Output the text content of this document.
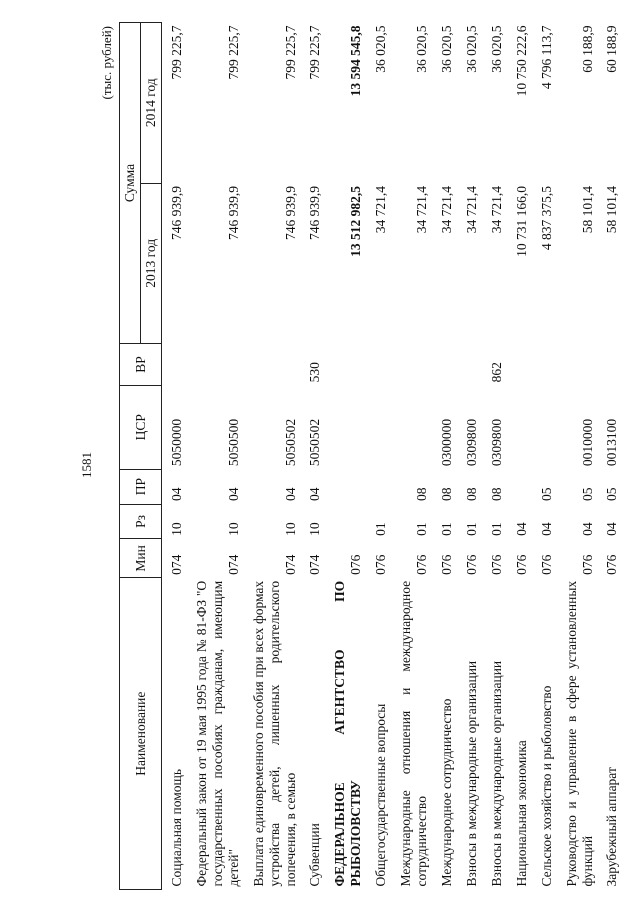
1581
(тыс. рублей)
Наименование	Мин	Рз	ПР	ЦСР	ВР	Сумма	
						2013 год	2014 год
Социальная помощь	074	10	04	5050000		746 939,9	799 225,7
Федеральный закон от 19 мая 1995 года № 81-ФЗ "О государственных пособиях гражданам, имеющим детей"	074	10	04	5050500		746 939,9	799 225,7
Выплата единовременного пособия при всех формах устройства детей, лишенных родительского попечения, в семью	074	10	04	5050502		746 939,9	799 225,7
Субвенции	074	10	04	5050502	530	746 939,9	799 225,7
ФЕДЕРАЛЬНОЕ АГЕНТСТВО ПО РЫБОЛОВСТВУ	076					13 512 982,5	13 594 545,8
Общегосударственные вопросы	076	01				34 721,4	36 020,5
Международные отношения и международное сотрудничество	076	01	08			34 721,4	36 020,5
Международное сотрудничество	076	01	08	0300000		34 721,4	36 020,5
Взносы в международные организации	076	01	08	0309800		34 721,4	36 020,5
Взносы в международные организации	076	01	08	0309800	862	34 721,4	36 020,5
Национальная экономика	076	04				10 731 166,0	10 750 222,6
Сельское хозяйство и рыболовство	076	04	05			4 837 375,5	4 796 113,7
Руководство и управление в сфере установленных функций	076	04	05	0010000		58 101,4	60 188,9
Зарубежный аппарат	076	04	05	0013100		58 101,4	60 188,9
